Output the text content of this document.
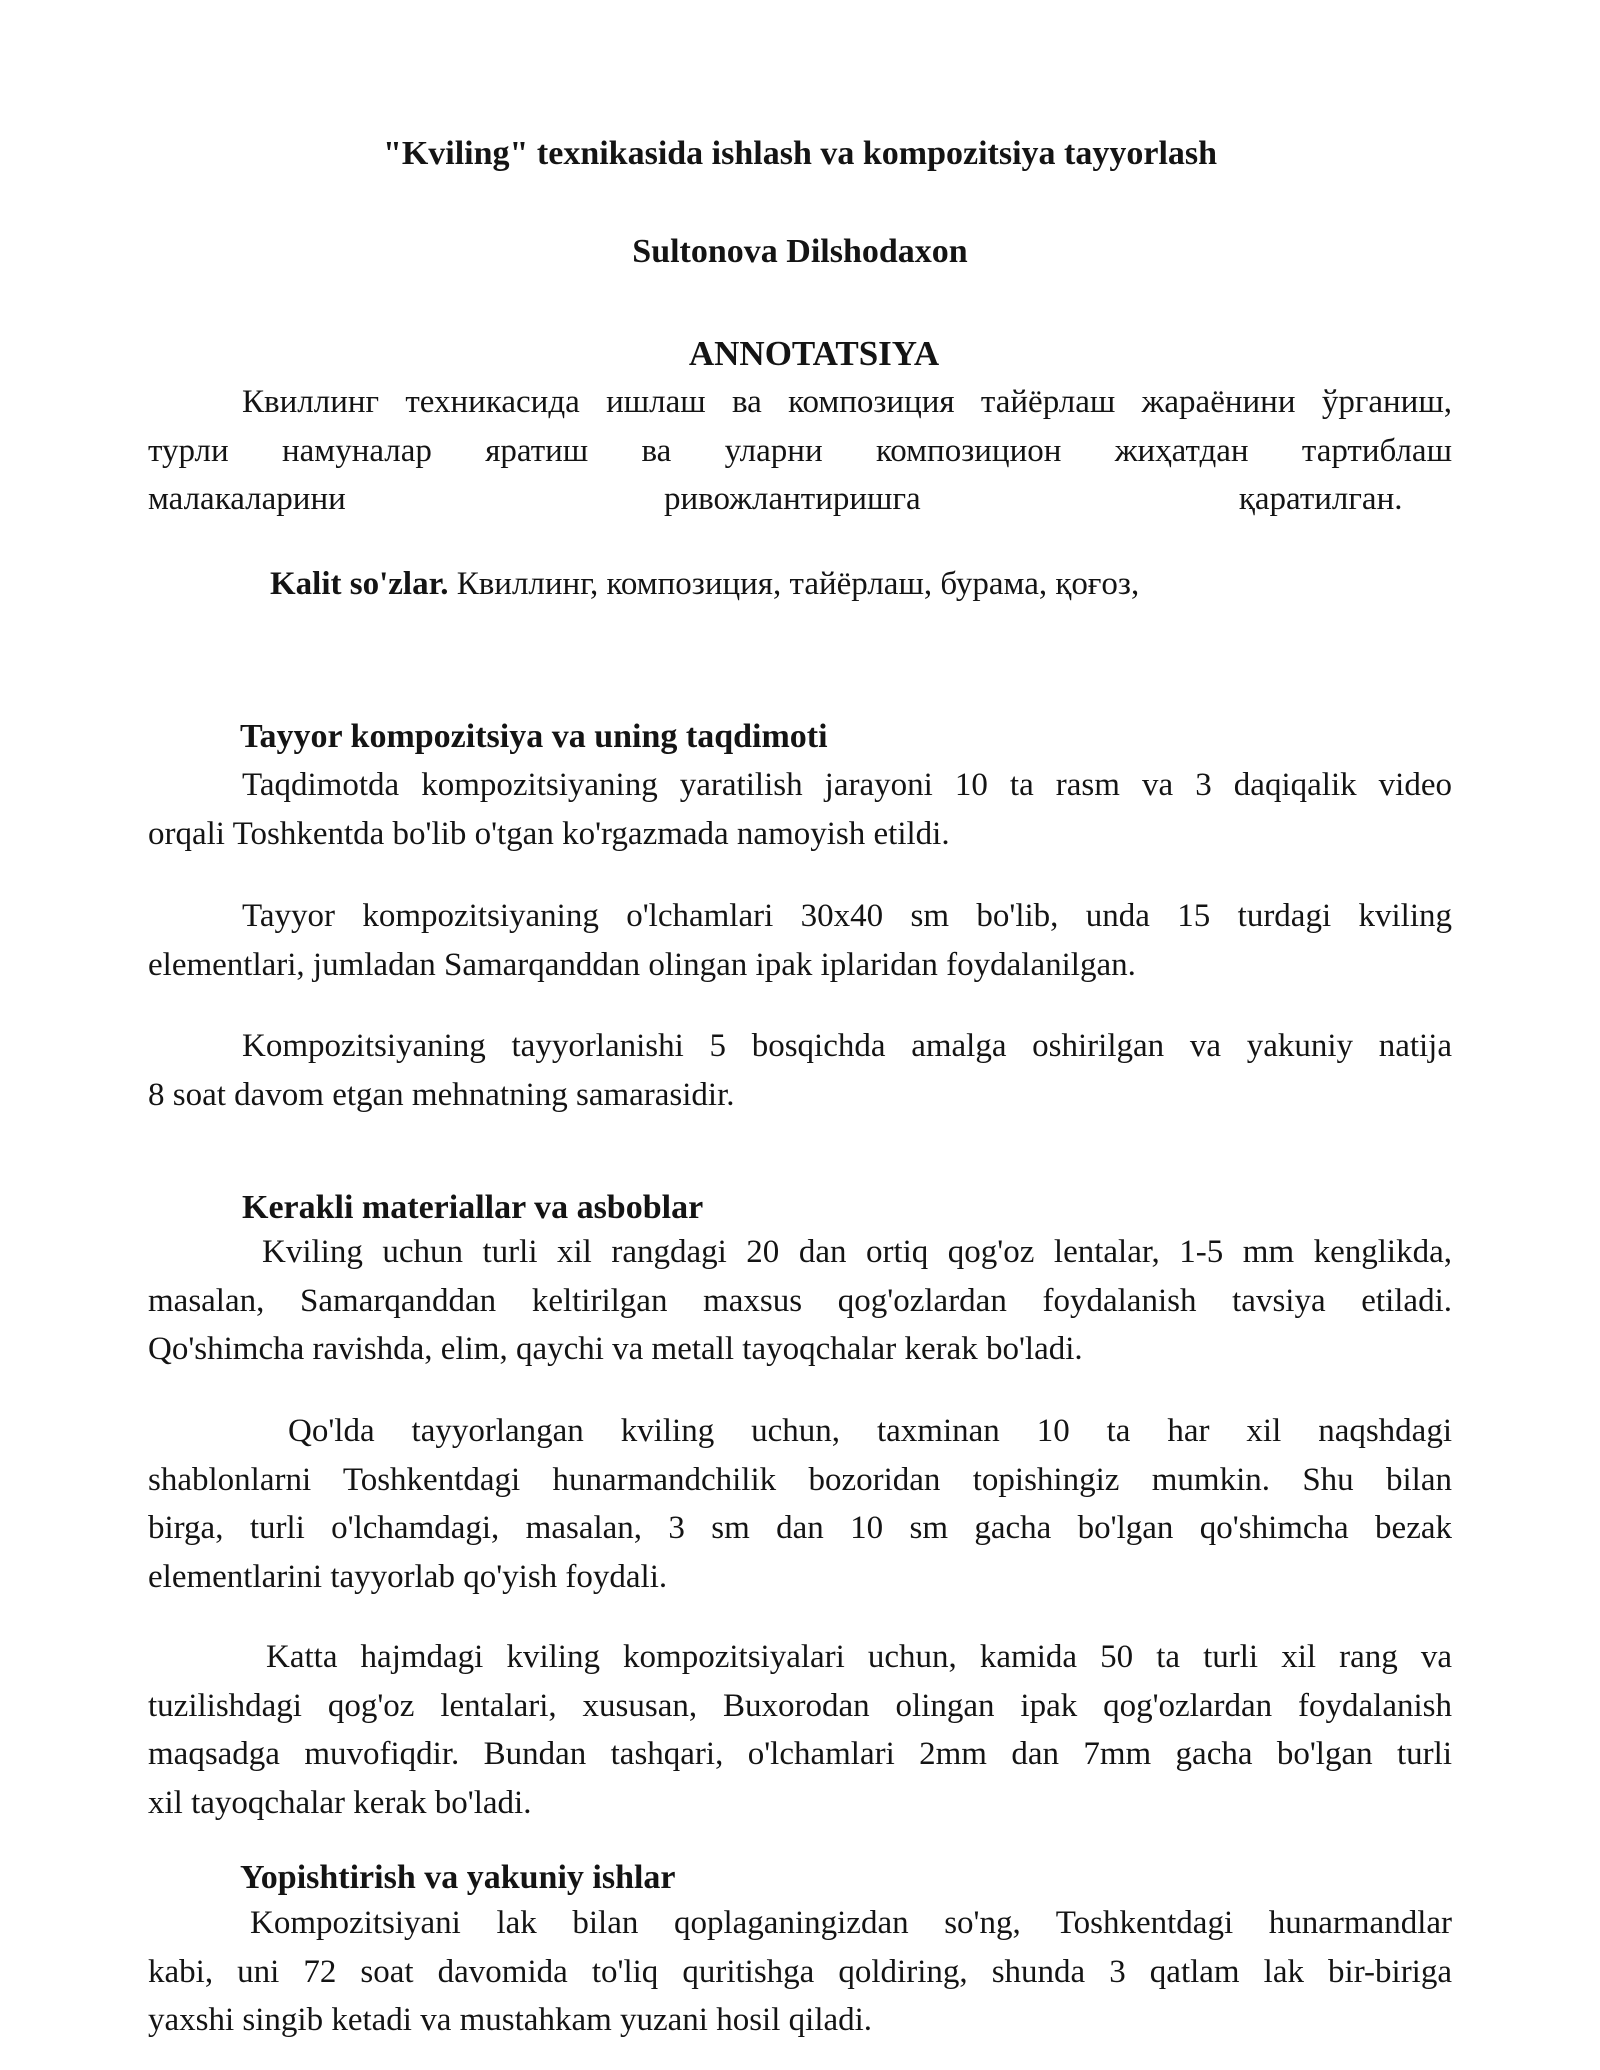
"Kviling" texnikasida ishlash va kompozitsiya tayyorlash

Sultonova Dilshodaxon

ANNOTATSIYA

Квиллинг техникасида ишлаш ва композиция тайёрлаш жараёнини ўрганиш,
турли намуналар яратиш ва уларни композицион жиҳатдан тартиблаш
малакаларини ривожлантиришга қаратилган.

Kalit so'zlar. Квиллинг, композиция, тайёрлаш, бурама, қоғоз,

Tayyor kompozitsiya va uning taqdimoti

Taqdimotda kompozitsiyaning yaratilish jarayoni 10 ta rasm va 3 daqiqalik video
orqali Toshkentda bo'lib o'tgan ko'rgazmada namoyish etildi.
Tayyor kompozitsiyaning o'lchamlari 30x40 sm bo'lib, unda 15 turdagi kviling
elementlari, jumladan Samarqanddan olingan ipak iplaridan foydalanilgan.
Kompozitsiyaning tayyorlanishi 5 bosqichda amalga oshirilgan va yakuniy natija
8 soat davom etgan mehnatning samarasidir.

Kerakli materiallar va asboblar

Kviling uchun turli xil rangdagi 20 dan ortiq qog'oz lentalar, 1-5 mm kenglikda,
masalan, Samarqanddan keltirilgan maxsus qog'ozlardan foydalanish tavsiya etiladi.
Qo'shimcha ravishda, elim, qaychi va metall tayoqchalar kerak bo'ladi.
Qo'lda tayyorlangan kviling uchun, taxminan 10 ta har xil naqshdagi
shablonlarni Toshkentdagi hunarmandchilik bozoridan topishingiz mumkin. Shu bilan
birga, turli o'lchamdagi, masalan, 3 sm dan 10 sm gacha bo'lgan qo'shimcha bezak
elementlarini tayyorlab qo'yish foydali.
Katta hajmdagi kviling kompozitsiyalari uchun, kamida 50 ta turli xil rang va
tuzilishdagi qog'oz lentalari, xususan, Buxorodan olingan ipak qog'ozlardan foydalanish
maqsadga muvofiqdir. Bundan tashqari, o'lchamlari 2mm dan 7mm gacha bo'lgan turli
xil tayoqchalar kerak bo'ladi.

Yopishtirish va yakuniy ishlar

Kompozitsiyani lak bilan qoplaganingizdan so'ng, Toshkentdagi hunarmandlar
kabi, uni 72 soat davomida to'liq quritishga qoldiring, shunda 3 qatlam lak bir-biriga
yaxshi singib ketadi va mustahkam yuzani hosil qiladi.
